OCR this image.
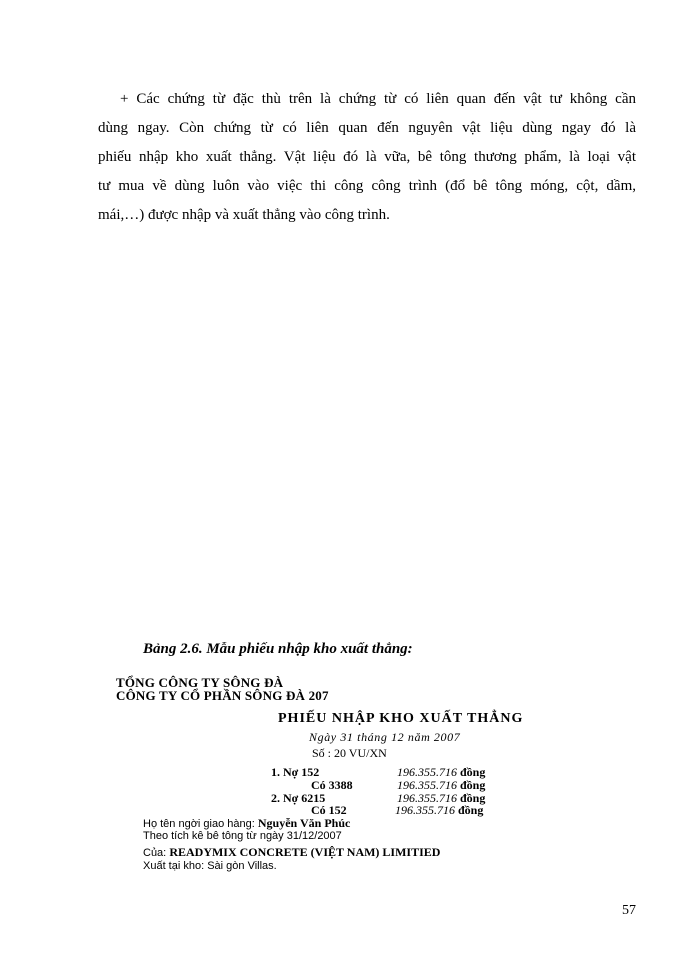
+ Các chứng từ đặc thù trên là chứng từ có liên quan đến vật tư không cần
dùng ngay. Còn chứng từ có liên quan đến nguyên vật liệu dùng ngay đó là
phiếu nhập kho xuất thẳng. Vật liệu đó là vữa, bê tông thương phẩm, là loại vật
tư mua về dùng luôn vào việc thi công công trình (đổ bê tông móng, cột, dầm,
mái,…) được nhập và xuất thẳng vào công trình.
Bảng 2.6. Mẫu phiếu nhập kho xuất thẳng:
TỔNG CÔNG TY SÔNG ĐÀ
CÔNG TY CỔ PHẦN SÔNG ĐÀ 207
PHIẾU NHẬP KHO XUẤT THẲNG
Ngày 31 tháng 12 năm 2007
Số : 20 VU/XN
1. Nợ 152	196.355.716 đồng
Có 3388	196.355.716 đồng
2. Nợ 6215	196.355.716 đồng
Có 152	196.355.716 đồng
Họ tên ngời giao hàng: Nguyễn Văn Phúc
Theo tích kê bê tông từ ngày 31/12/2007
Của: READYMIX CONCRETE (VIỆT NAM) LIMITIED
Xuất tại kho: Sài gòn Villas.
57
